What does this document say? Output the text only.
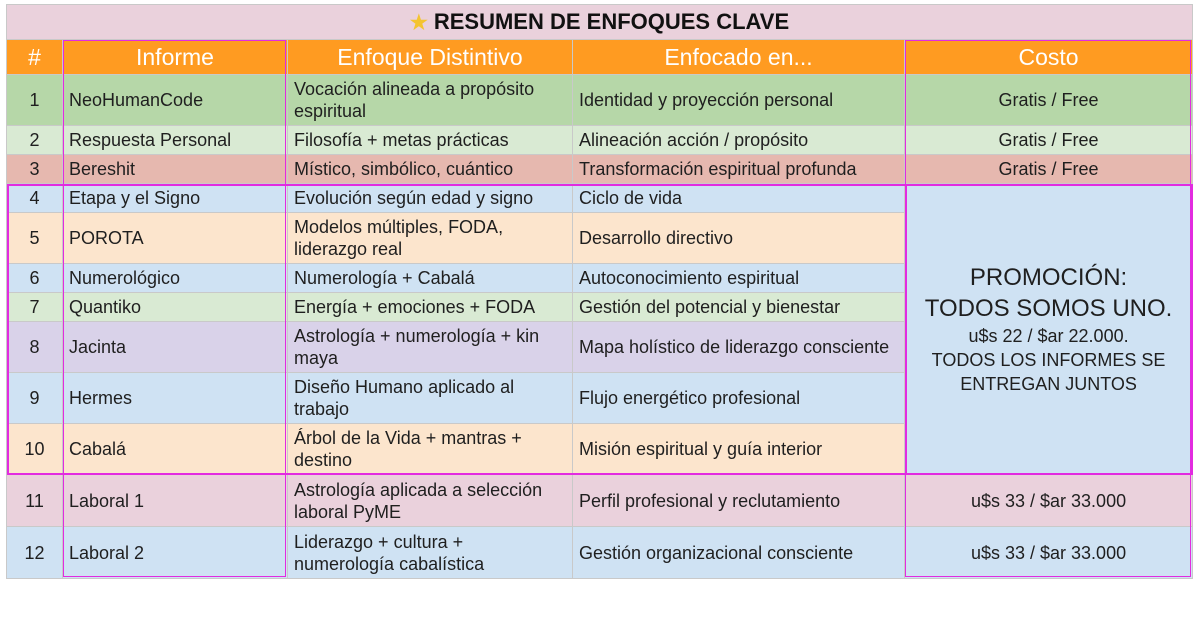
★ RESUMEN DE ENFOQUES CLAVE				
#	Informe	Enfoque Distintivo	Enfocado en...	Costo
1	NeoHumanCode	Vocación alineada a propósito espiritual	Identidad y proyección personal	Gratis / Free
2	Respuesta Personal	Filosofía + metas prácticas	Alineación acción / propósito	Gratis / Free
3	Bereshit	Místico, simbólico, cuántico	Transformación espiritual profunda	Gratis / Free
4	Etapa y el Signo	Evolución según edad y signo	Ciclo de vida	PROMOCIÓN:
TODOS SOMOS UNO.
u$s 22 / $ar 22.000.
TODOS LOS INFORMES SE ENTREGAN JUNTOS

5	POROTA	Modelos múltiples, FODA, liderazgo real	Desarrollo directivo	
6	Numerológico	Numerología + Cabalá	Autoconocimiento espiritual	
7	Quantiko	Energía + emociones + FODA	Gestión del potencial y bienestar	
8	Jacinta	Astrología + numerología + kin maya	Mapa holístico de liderazgo consciente	
9	Hermes	Diseño Humano aplicado al trabajo	Flujo energético profesional	
10	Cabalá	Árbol de la Vida + mantras + destino	Misión espiritual y guía interior	
11	Laboral 1	Astrología aplicada a selección laboral PyME	Perfil profesional y reclutamiento	u$s 33 / $ar 33.000
12	Laboral 2	Liderazgo + cultura + numerología cabalística	Gestión organizacional consciente	u$s 33 / $ar 33.000
